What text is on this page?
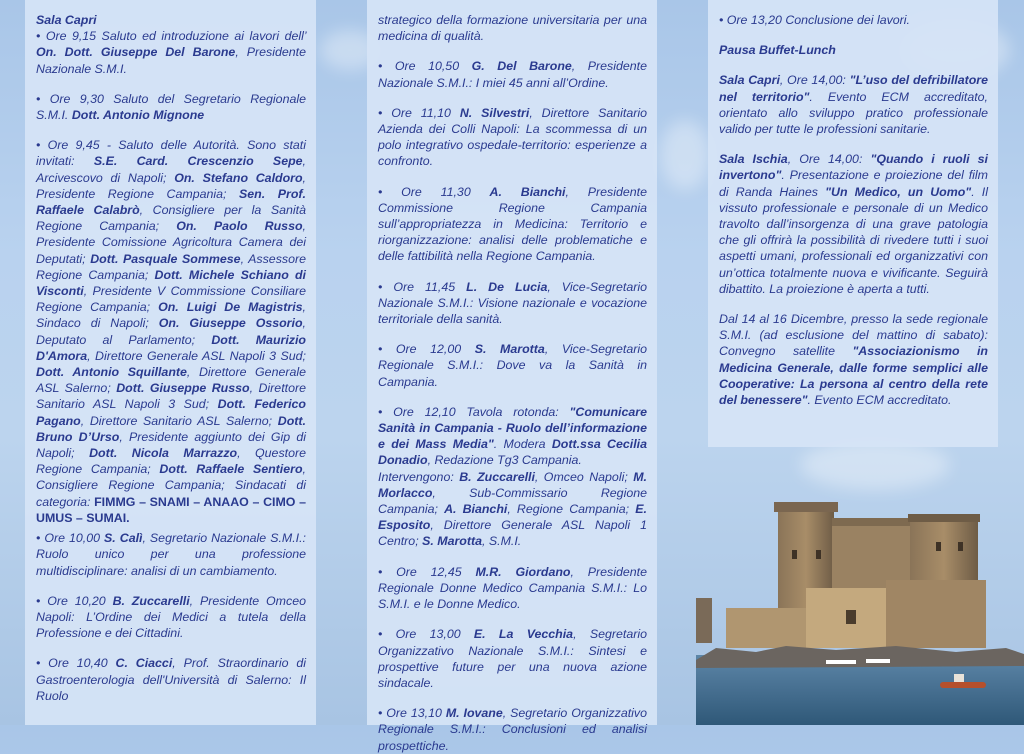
Sala Capri
• Ore 9,15 Saluto ed introduzione ai lavori dell’ On. Dott. Giuseppe Del Barone, Presidente Nazionale S.M.I.

• Ore 9,30 Saluto del Segretario Regionale S.M.I. Dott. Antonio Mignone

• Ore 9,45 - Saluto delle Autorità. Sono stati invitati: S.E. Card. Crescenzio Sepe, Arcivescovo di Napoli; On. Stefano Caldoro, Presidente Regione Campania; Sen. Prof. Raffaele Calabrò, Consigliere per la Sanità Regione Campania; On. Paolo Russo, Presidente Comissione Agricoltura Camera dei Deputati; Dott. Pasquale Sommese, Assessore Regione Campania; Dott. Michele Schiano di Visconti, Presidente V Commissione Consiliare Regione Campania; On. Luigi De Magistris, Sindaco di Napoli; On. Giuseppe Ossorio, Deputato al Parlamento; Dott. Maurizio D'Amora, Direttore Generale ASL Napoli 3 Sud; Dott. Antonio Squillante, Direttore Generale ASL Salerno; Dott. Giuseppe Russo, Direttore Sanitario ASL Napoli 3 Sud; Dott. Federico Pagano, Direttore Sanitario ASL Salerno; Dott. Bruno D’Urso, Presidente aggiunto dei Gip di Napoli; Dott. Nicola Marrazzo, Questore Regione Campania; Dott. Raffaele Sentiero, Consigliere Regione Campania; Sindacati di categoria: FIMMG – SNAMI – ANAAO – CIMO – UMUS – SUMAI.

• Ore 10,00 S. Calì, Segretario Nazionale S.M.I.: Ruolo unico per una professione multidisciplinare: analisi di un cambiamento.

• Ore 10,20 B. Zuccarelli, Presidente Omceo Napoli: L’Ordine dei Medici a tutela della Professione e dei Cittadini.

• Ore 10,40 C. Ciacci, Prof. Straordinario di Gastroenterologia dell'Università di Salerno: Il Ruolo

strategico della formazione universitaria per una medicina di qualità.

• Ore 10,50 G. Del Barone, Presidente Nazionale S.M.I.: I miei 45 anni all’Ordine.

• Ore 11,10 N. Silvestri, Direttore Sanitario Azienda dei Colli Napoli: La scommessa di un polo integrativo ospedale-territorio: esperienze a confronto.

• Ore 11,30 A. Bianchi, Presidente Commissione Regione Campania sull’appropriatezza in Medicina: Territorio e riorganizzazione: analisi delle problematiche e delle fattibilità nella Regione Campania.

• Ore 11,45 L. De Lucia, Vice-Segretario Nazionale S.M.I.: Visione nazionale e vocazione territoriale della sanità.

• Ore 12,00 S. Marotta, Vice-Segretario Regionale S.M.I.: Dove va la Sanità in Campania.

• Ore 12,10 Tavola rotonda: "Comunicare Sanità in Campania - Ruolo dell’informazione e dei Mass Media". Modera Dott.ssa Cecilia Donadio, Redazione Tg3 Campania.
Intervengono: B. Zuccarelli, Omceo Napoli; M. Morlacco, Sub-Commissario Regione Campania; A. Bianchi, Regione Campania; E. Esposito, Direttore Generale ASL Napoli 1 Centro; S. Marotta, S.M.I.

• Ore 12,45 M.R. Giordano, Presidente Regionale Donne Medico Campania S.M.I.: Lo S.M.I. e le Donne Medico.

• Ore 13,00 E. La Vecchia, Segretario Organizzativo Nazionale S.M.I.: Sintesi e prospettive future per una nuova azione sindacale.

• Ore 13,10 M. Iovane, Segretario Organizzativo Regionale S.M.I.: Conclusioni ed analisi prospettiche.

• Ore 13,20 Conclusione dei lavori.

Pausa Buffet-Lunch

Sala Capri, Ore 14,00: "L’uso del defribillatore nel territorio". Evento ECM accreditato, orientato allo sviluppo pratico professionale valido per tutte le professioni sanitarie.

Sala Ischia, Ore 14,00: "Quando i ruoli si invertono". Presentazione e proiezione del film di Randa Haines "Un Medico, un Uomo". Il vissuto professionale e personale di un Medico travolto dall’insorgenza di una grave patologia che gli offrirà la possibilità di rivedere tutti i suoi aspetti umani, professionali ed organizzativi con un’ottica totalmente nuova e vivificante. Seguirà dibattito. La proiezione è aperta a tutti.

Dal 14 al 16 Dicembre, presso la sede regionale S.M.I. (ad esclusione del mattino di sabato): Convegno satellite "Associazionismo in Medicina Generale, dalle forme semplici alle Cooperative: La persona al centro della rete del benessere". Evento ECM accreditato.
